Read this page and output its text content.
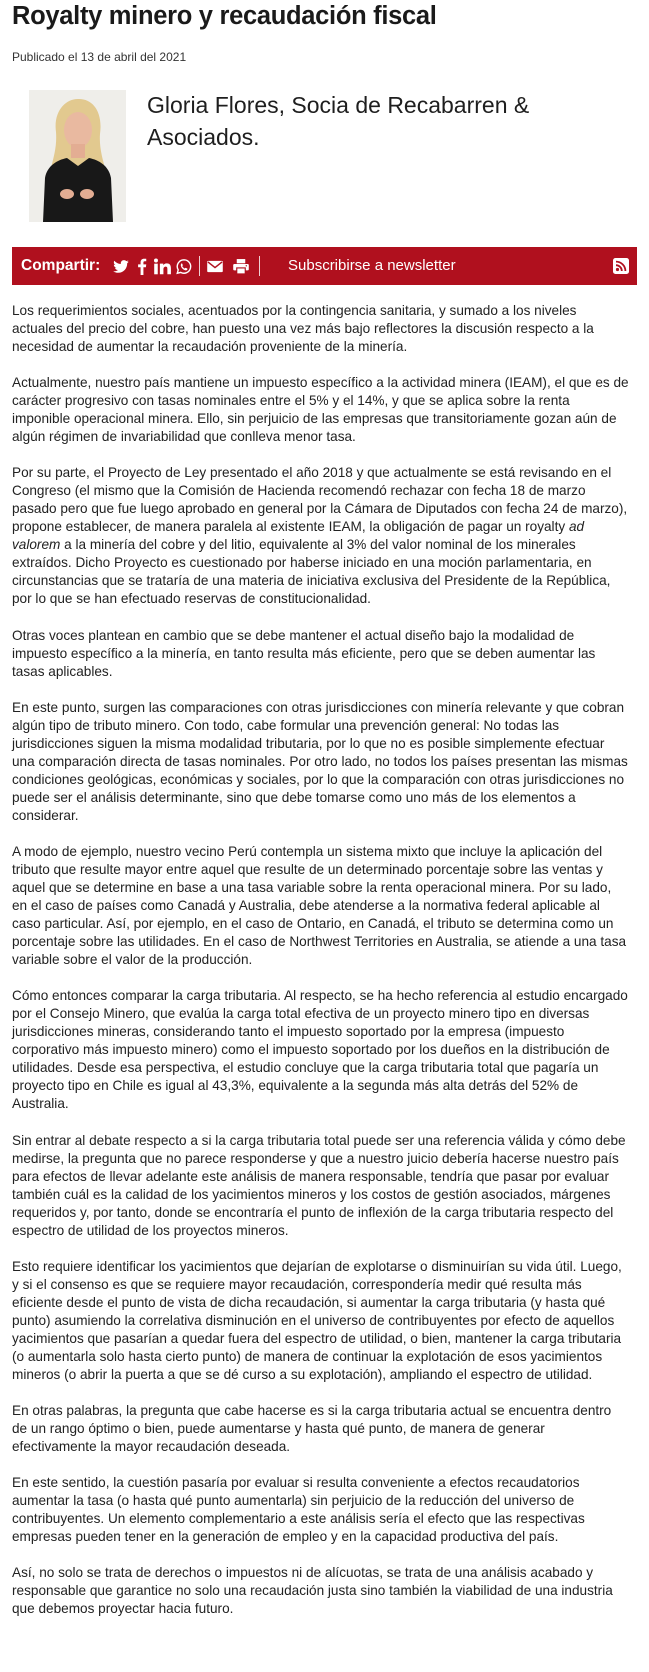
Royalty minero y recaudación fiscal
Publicado el 13 de abril del 2021
Gloria Flores, Socia de Recabarren & Asociados.
Compartir:	Subscribirse a newsletter

Los requerimientos sociales, acentuados por la contingencia sanitaria, y sumado a los niveles actuales del precio del cobre, han puesto una vez más bajo reflectores la discusión respecto a la necesidad de aumentar la recaudación proveniente de la minería.

Actualmente, nuestro país mantiene un impuesto específico a la actividad minera (IEAM), el que es de carácter progresivo con tasas nominales entre el 5% y el 14%, y que se aplica sobre la renta imponible operacional minera. Ello, sin perjuicio de las empresas que transitoriamente gozan aún de algún régimen de invariabilidad que conlleva menor tasa.

Por su parte, el Proyecto de Ley presentado el año 2018 y que actualmente se está revisando en el Congreso (el mismo que la Comisión de Hacienda recomendó rechazar con fecha 18 de marzo pasado pero que fue luego aprobado en general por la Cámara de Diputados con fecha 24 de marzo), propone establecer, de manera paralela al existente IEAM, la obligación de pagar un royalty ad valorem a la minería del cobre y del litio, equivalente al 3% del valor nominal de los minerales extraídos. Dicho Proyecto es cuestionado por haberse iniciado en una moción parlamentaria, en circunstancias que se trataría de una materia de iniciativa exclusiva del Presidente de la República, por lo que se han efectuado reservas de constitucionalidad.

Otras voces plantean en cambio que se debe mantener el actual diseño bajo la modalidad de impuesto específico a la minería, en tanto resulta más eficiente, pero que se deben aumentar las tasas aplicables.

En este punto, surgen las comparaciones con otras jurisdicciones con minería relevante y que cobran algún tipo de tributo minero. Con todo, cabe formular una prevención general: No todas las jurisdicciones siguen la misma modalidad tributaria, por lo que no es posible simplemente efectuar una comparación directa de tasas nominales. Por otro lado, no todos los países presentan las mismas condiciones geológicas, económicas y sociales, por lo que la comparación con otras jurisdicciones no puede ser el análisis determinante, sino que debe tomarse como uno más de los elementos a considerar.

A modo de ejemplo, nuestro vecino Perú contempla un sistema mixto que incluye la aplicación del tributo que resulte mayor entre aquel que resulte de un determinado porcentaje sobre las ventas y aquel que se determine en base a una tasa variable sobre la renta operacional minera. Por su lado, en el caso de países como Canadá y Australia, debe atenderse a la normativa federal aplicable al caso particular. Así, por ejemplo, en el caso de Ontario, en Canadá, el tributo se determina como un porcentaje sobre las utilidades. En el caso de Northwest Territories en Australia, se atiende a una tasa variable sobre el valor de la producción.

Cómo entonces comparar la carga tributaria. Al respecto, se ha hecho referencia al estudio encargado por el Consejo Minero, que evalúa la carga total efectiva de un proyecto minero tipo en diversas jurisdicciones mineras, considerando tanto el impuesto soportado por la empresa (impuesto corporativo más impuesto minero) como el impuesto soportado por los dueños en la distribución de utilidades. Desde esa perspectiva, el estudio concluye que la carga tributaria total que pagaría un proyecto tipo en Chile es igual al 43,3%, equivalente a la segunda más alta detrás del 52% de Australia.

Sin entrar al debate respecto a si la carga tributaria total puede ser una referencia válida y cómo debe medirse, la pregunta que no parece responderse y que a nuestro juicio debería hacerse nuestro país para efectos de llevar adelante este análisis de manera responsable, tendría que pasar por evaluar también cuál es la calidad de los yacimientos mineros y los costos de gestión asociados, márgenes requeridos y, por tanto, donde se encontraría el punto de inflexión de la carga tributaria respecto del espectro de utilidad de los proyectos mineros.

Esto requiere identificar los yacimientos que dejarían de explotarse o disminuirían su vida útil. Luego, y si el consenso es que se requiere mayor recaudación, correspondería medir qué resulta más eficiente desde el punto de vista de dicha recaudación, si aumentar la carga tributaria (y hasta qué punto) asumiendo la correlativa disminución en el universo de contribuyentes por efecto de aquellos yacimientos que pasarían a quedar fuera del espectro de utilidad, o bien, mantener la carga tributaria (o aumentarla solo hasta cierto punto) de manera de continuar la explotación de esos yacimientos mineros (o abrir la puerta a que se dé curso a su explotación), ampliando el espectro de utilidad.

En otras palabras, la pregunta que cabe hacerse es si la carga tributaria actual se encuentra dentro de un rango óptimo o bien, puede aumentarse y hasta qué punto, de manera de generar efectivamente la mayor recaudación deseada.

En este sentido, la cuestión pasaría por evaluar si resulta conveniente a efectos recaudatorios aumentar la tasa (o hasta qué punto aumentarla) sin perjuicio de la reducción del universo de contribuyentes. Un elemento complementario a este análisis sería el efecto que las respectivas empresas pueden tener en la generación de empleo y en la capacidad productiva del país.

Así, no solo se trata de derechos o impuestos ni de alícuotas, se trata de una análisis acabado y responsable que garantice no solo una recaudación justa sino también la viabilidad de una industria que debemos proyectar hacia futuro.
